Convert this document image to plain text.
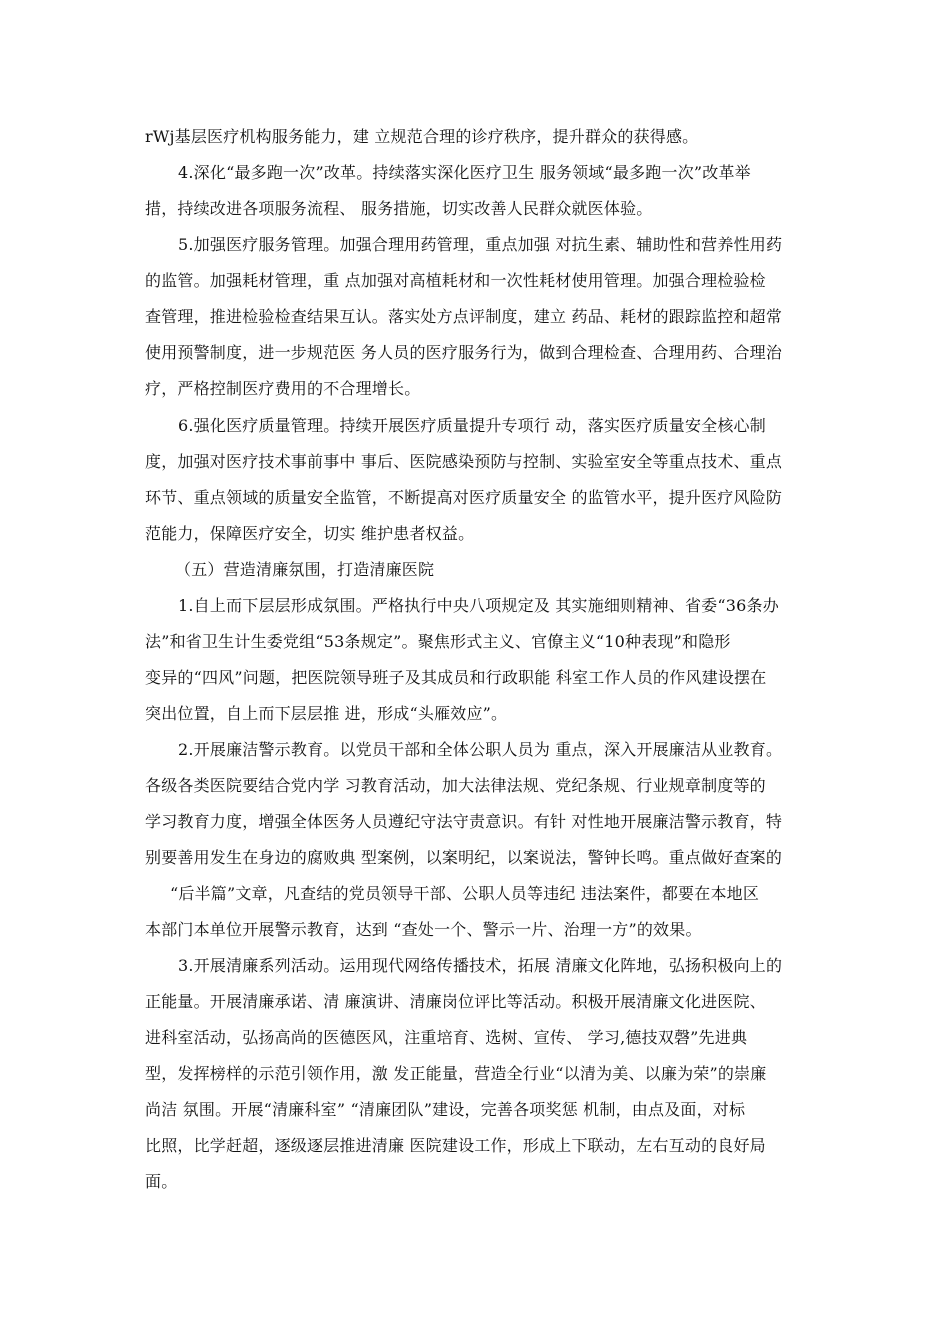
rWj基层医疗机构服务能力，建 立规范合理的诊疗秩序，提升群众的获得感。
4.深化“最多跑一次”改革。持续落实深化医疗卫生 服务领域“最多跑一次”改革举
措，持续改进各项服务流程、 服务措施，切实改善人民群众就医体验。
5.加强医疗服务管理。加强合理用药管理，重点加强 对抗生素、辅助性和营养性用药
的监管。加强耗材管理，重 点加强对高植耗材和一次性耗材使用管理。加强合理检验检
查管理，推进检验检查结果互认。落实处方点评制度，建立 药品、耗材的跟踪监控和超常
使用预警制度，进一步规范医 务人员的医疗服务行为，做到合理检查、合理用药、合理治
疗，严格控制医疗费用的不合理增长。
6.强化医疗质量管理。持续开展医疗质量提升专项行 动，落实医疗质量安全核心制
度，加强对医疗技术事前事中 事后、医院感染预防与控制、实验室安全等重点技术、重点
环节、重点领域的质量安全监管，不断提高对医疗质量安全 的监管水平，提升医疗风险防
范能力，保障医疗安全，切实 维护患者权益。
（五）营造清廉氛围，打造清廉医院
1.自上而下层层形成氛围。严格执行中央八项规定及 其实施细则精神、省委“36条办
法”和省卫生计生委党组“53条规定”。聚焦形式主义、官僚主义“10种表现”和隐形
变异的“四风”问题，把医院领导班子及其成员和行政职能 科室工作人员的作风建设摆在
突出位置，自上而下层层推 进，形成“头雁效应”。
2.开展廉洁警示教育。以党员干部和全体公职人员为 重点，深入开展廉洁从业教育。
各级各类医院要结合党内学 习教育活动，加大法律法规、党纪条规、行业规章制度等的
学习教育力度，增强全体医务人员遵纪守法守责意识。有针 对性地开展廉洁警示教育，特
别要善用发生在身边的腐败典 型案例，以案明纪，以案说法，警钟长鸣。重点做好查案的
“后半篇”文章，凡查结的党员领导干部、公职人员等违纪 违法案件，都要在本地区
本部门本单位开展警示教育，达到 “查处一个、警示一片、治理一方”的效果。
3.开展清廉系列活动。运用现代网络传播技术，拓展 清廉文化阵地，弘扬积极向上的
正能量。开展清廉承诺、清 廉演讲、清廉岗位评比等活动。积极开展清廉文化进医院、
进科室活动，弘扬高尚的医德医风，注重培育、选树、宣传、 学习,德技双磬”先进典
型，发挥榜样的示范引领作用，激 发正能量，营造全行业“以清为美、以廉为荣”的崇廉
尚洁 氛围。开展“清廉科室” “清廉团队”建设，完善各项奖惩 机制，由点及面，对标
比照，比学赶超，逐级逐层推进清廉 医院建设工作，形成上下联动，左右互动的良好局
面。
